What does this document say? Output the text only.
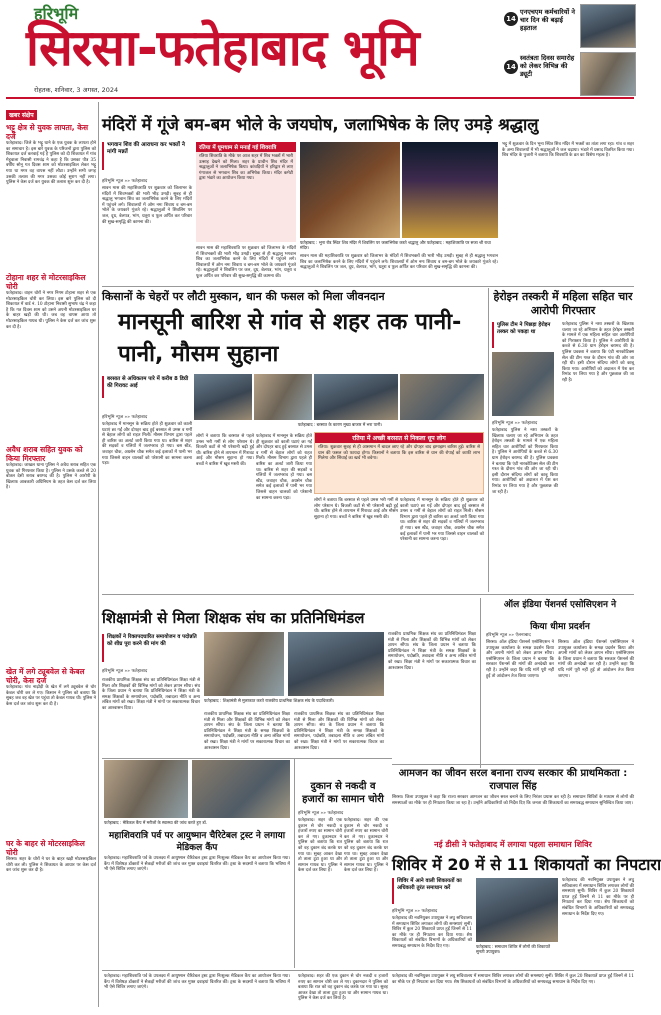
हरिभूमि
सिरसा-फतेहाबाद भूमि
रोहतक, शनिवार, 3 अगस्त, 2024
14
एनएचएम कर्मचारियों ने चार दिन की बढ़ाई हड़ताल
14
स्वतंत्रता दिवस समारोह को लेकर विभिन्न की ड्यूटी
खबर संक्षेप
भट्टू क्षेत्र से युवक लापता, केस दर्ज
फतेहाबाद। जिले के भट्टू थाने के एक युवक के लापता होने का समाचार है। इस बारे युवक के परिजनों द्वारा पुलिस को शिकायत दर्ज करवाई गई है पुलिस को दी शिकायत में गांव मेहूवाला निवासी रामचंद्र ने कहा है कि उसका पौत्र 35 वर्षीय सोनू गत दिवस शाम को मोटरसाइकिल लेकर भट्टू गया था मगर वह वापस नहीं लौटा। उन्होंने सभी जगह उसकी तलाश की मगर उसका कोई सुराग नहीं लगा। पुलिस ने केस दर्ज कर युवक की तलाश शुरू कर दी है।
टोहाना शहर से मोटरसाइकिल चोरी
फतेहाबाद। वाहन चोरों ने नगर निगम टोहाना शहर से एक मोटरसाइकिल चोरी कर लिया। इस बारे पुलिस को दी शिकायत में वार्ड नं. 10 टोहाना निवासी सुभाष चंद्र ने कहा है कि गत दिवस शाम को उसने अपनी मोटरसाइकिल घर के बाहर खड़ी की थी। जब वह वापस आया तो मोटरसाइकिल गायब थी। पुलिस ने केस दर्ज कर जांच शुरू कर दी है।
अवैध शराब सहित युवक को किया गिरफ्तार
फतेहाबाद। जाखल थाना पुलिस ने अवैध शराब सहित एक युवक को गिरफ्तार किया है। पुलिस ने उसके कब्जे से 20 बोतल देसी शराब बरामद की है। पुलिस ने आरोपी के खिलाफ आबकारी अधिनियम के तहत केस दर्ज कर लिया है।
खेत में लगे ट्यूबवेल से केबल चोरी, केस दर्ज
फतेहाबाद। गांव नाढ़ोड़ी के खेत में लगे ट्यूबवेल से चोर केबल चोरी कर ले गए। किसान ने पुलिस को बताया कि सुबह जब वह खेत पर पहुंचा तो केबल गायब थी। पुलिस ने केस दर्ज कर जांच शुरू कर दी है।
घर के बाहर से मोटरसाइकिल चोरी
सिरसा। शहर के चोरों ने घर के बाहर खड़ी मोटरसाइकिल चोरी कर ली। पुलिस ने शिकायत के आधार पर केस दर्ज कर जांच शुरू कर दी है।
मंदिरों में गूंजे बम-बम भोले के जयघोष, जलाभिषेक के लिए उमड़े श्रद्धालु
भगवान शिव की आराधना कर भक्तों ने मांगी मन्नतें
हरिभूमि न्यूज »» फतेहाबाद
सावन मास की महाशिवरात्रि पर शुक्रवार को जिलाभर के मंदिरों में शिवभक्तों की भारी भीड़ उमड़ी। सुबह से ही श्रद्धालु भगवान शिव का जलाभिषेक करने के लिए मंदिरों में पहुंचने लगे। शिवालयों में ओम नमः शिवाय व बम-बम भोले के जयकारे गूंजते रहे। श्रद्धालुओं ने शिवलिंग पर जल, दूध, बेलपत्र, भांग, धतूरा व फूल अर्पित कर परिवार की सुख-समृद्धि की कामना की।
रतिया में धूमधाम से मनाई गई शिवरात्रि
रतिया शिवरात्रि के मौके पर आज शहर में शिव भक्तों में भारी उत्साह देखने को मिला। शहर के प्राचीन शिव मंदिर में श्रद्धालुओं ने जलाभिषेक किया। कांवड़ियों ने हरिद्वार से लाए गंगाजल से भगवान शिव का अभिषेक किया। मंदिर कमेटी द्वारा भंडारे का आयोजन किया गया।
सावन मास की महाशिवरात्रि पर शुक्रवार को जिलाभर के मंदिरों में शिवभक्तों की भारी भीड़ उमड़ी। सुबह से ही श्रद्धालु भगवान शिव का जलाभिषेक करने के लिए मंदिरों में पहुंचने लगे। शिवालयों में ओम नमः शिवाय व बम-बम भोले के जयकारे गूंजते रहे। श्रद्धालुओं ने शिवलिंग पर जल, दूध, बेलपत्र, भांग, धतूरा व फूल अर्पित कर परिवार की सुख-समृद्धि की कामना की।
फतेहाबाद : भूना रोड स्थित शिव मंदिर में शिवलिंग पर जलाभिषेक करते श्रद्धालु और फतेहाबाद : महाशिवरात्रि पर सजा श्री राधा मंदिर।
सावन मास की महाशिवरात्रि पर शुक्रवार को जिलाभर के मंदिरों में शिवभक्तों की भारी भीड़ उमड़ी। सुबह से ही श्रद्धालु भगवान शिव का जलाभिषेक करने के लिए मंदिरों में पहुंचने लगे। शिवालयों में ओम नमः शिवाय व बम-बम भोले के जयकारे गूंजते रहे। श्रद्धालुओं ने शिवलिंग पर जल, दूध, बेलपत्र, भांग, धतूरा व फूल अर्पित कर परिवार की सुख-समृद्धि की कामना की।
भट्टू में शुक्रवार के दिन भूना स्थित शिव मंदिर में भक्तों का तांता लगा रहा। गांव व शहर के अन्य शिवालयों में भी श्रद्धालुओं ने जल चढ़ाया। भंडारे में प्रसाद वितरित किया गया। शिव मंदिर के पुजारी ने बताया कि शिवरात्रि के व्रत का विशेष महत्व है।
किसानों के चेहरों पर लौटी मुस्कान, धान की फसल को मिला जीवनदान
मानसूनी बारिश से गांव से शहर तक पानी-पानी, मौसम सुहाना
बरसात से अधिकतम पारे में करीब 8 डिग्री की गिरावट आई
हरिभूमि न्यूज »» फतेहाबाद
फतेहाबाद में मानसून के सक्रिय होते ही शुक्रवार को काली घटाएं छा गईं और दोपहर बाद हुई बरसात से उमस व गर्मी से बेहाल लोगों को राहत मिली। मौसम विभाग द्वारा पहले ही बारिश का अलर्ट जारी किया गया था। बारिश से शहर की सड़कों व गलियों में जलभराव हो गया। बस स्टैंड, जवाहर चौक, अग्रसेन चौक समेत कई इलाकों में पानी भर गया जिससे वाहन चालकों को परेशानी का सामना करना पड़ा।
फतेहाबाद : बरसात के कारण मुख्य बाजार में भरा पानी।
लोगों ने बताया कि बरसात से पहले उमस भरी गर्मी से लोग परेशान थे। बिजली कटों से भी परेशानी बढ़ी हुई थी। बारिश होने से तापमान में गिरावट आई और मौसम सुहाना हो गया। बच्चों ने बारिश में खूब मस्ती की।
फतेहाबाद में मानसून के सक्रिय होते ही शुक्रवार को काली घटाएं छा गईं और दोपहर बाद हुई बरसात से उमस व गर्मी से बेहाल लोगों को राहत मिली। मौसम विभाग द्वारा पहले ही बारिश का अलर्ट जारी किया गया था। बारिश से शहर की सड़कों व गलियों में जलभराव हो गया। बस स्टैंड, जवाहर चौक, अग्रसेन चौक समेत कई इलाकों में पानी भर गया जिससे वाहन चालकों को परेशानी का सामना करना पड़ा।
रतिया में अच्छी बरसात से निकला धूप लोग
रतिया। शुक्रवार सुबह से ही आसमान में बादल छाए रहे और दोपहर बाद झमाझम बारिश हुई। बारिश से धान की फसल को फायदा होगा। किसानों ने बताया कि इस बारिश से धान की रोपाई को काफी लाभ मिलेगा और सिंचाई का खर्च भी बचेगा।
लोगों ने बताया कि बरसात से पहले उमस भरी गर्मी से लोग परेशान थे। बिजली कटों से भी परेशानी बढ़ी हुई थी। बारिश होने से तापमान में गिरावट आई और मौसम सुहाना हो गया। बच्चों ने बारिश में खूब मस्ती की।
फतेहाबाद में मानसून के सक्रिय होते ही शुक्रवार को काली घटाएं छा गईं और दोपहर बाद हुई बरसात से उमस व गर्मी से बेहाल लोगों को राहत मिली। मौसम विभाग द्वारा पहले ही बारिश का अलर्ट जारी किया गया था। बारिश से शहर की सड़कों व गलियों में जलभराव हो गया। बस स्टैंड, जवाहर चौक, अग्रसेन चौक समेत कई इलाकों में पानी भर गया जिससे वाहन चालकों को परेशानी का सामना करना पड़ा।
हेरोइन तस्करी में महिला सहित चार आरोपी गिरफ्तार
पुलिस टीम ने पिछड़ा हेरोइन तस्कर को पकड़ा था
हरिभूमि न्यूज »» फतेहाबाद
फतेहाबाद पुलिस ने नशा तस्करों के खिलाफ चलाए जा रहे अभियान के तहत हेरोइन तस्करी के मामले में एक महिला सहित चार आरोपियों को गिरफ्तार किया है। पुलिस ने आरोपियों के कब्जे से 6.30 ग्राम हेरोइन बरामद की है। पुलिस प्रवक्ता ने बताया कि एंटी नारकोटिक्स सेल की टीम गश्त के दौरान गांव की ओर जा रही थी। इसी दौरान संदिग्ध लोगों को काबू किया गया। आरोपियों को अदालत में पेश कर रिमांड पर लिया गया है और पूछताछ की जा रही है।
फतेहाबाद पुलिस ने नशा तस्करों के खिलाफ चलाए जा रहे अभियान के तहत हेरोइन तस्करी के मामले में एक महिला सहित चार आरोपियों को गिरफ्तार किया है। पुलिस ने आरोपियों के कब्जे से 6.30 ग्राम हेरोइन बरामद की है। पुलिस प्रवक्ता ने बताया कि एंटी नारकोटिक्स सेल की टीम गश्त के दौरान गांव की ओर जा रही थी। इसी दौरान संदिग्ध लोगों को काबू किया गया। आरोपियों को अदालत में पेश कर रिमांड पर लिया गया है और पूछताछ की जा रही है।
शिक्षामंत्री से मिला शिक्षक संघ का प्रतिनिधिमंडल
शिक्षकों ने रिक्तपदधारित समायोजन व पदोन्नति को शीघ्र पूरा करने की मांग की
हरिभूमि न्यूज »» फतेहाबाद
राजकीय प्राथमिक शिक्षक संघ का प्रतिनिधिमंडल शिक्षा मंत्री से मिला और शिक्षकों की विभिन्न मांगों को लेकर ज्ञापन सौंपा। संघ के जिला प्रधान ने बताया कि प्रतिनिधिमंडल ने शिक्षा मंत्री के समक्ष शिक्षकों के समायोजन, पदोन्नति, तबादला नीति व अन्य लंबित मांगों को रखा। शिक्षा मंत्री ने मांगों पर सकारात्मक विचार का आश्वासन दिया।
फतेहाबाद : शिक्षामंत्री से मुलाकात करते राजकीय प्राथमिक शिक्षक संघ के पदाधिकारी।
राजकीय प्राथमिक शिक्षक संघ का प्रतिनिधिमंडल शिक्षा मंत्री से मिला और शिक्षकों की विभिन्न मांगों को लेकर ज्ञापन सौंपा। संघ के जिला प्रधान ने बताया कि प्रतिनिधिमंडल ने शिक्षा मंत्री के समक्ष शिक्षकों के समायोजन, पदोन्नति, तबादला नीति व अन्य लंबित मांगों को रखा। शिक्षा मंत्री ने मांगों पर सकारात्मक विचार का आश्वासन दिया।
राजकीय प्राथमिक शिक्षक संघ का प्रतिनिधिमंडल शिक्षा मंत्री से मिला और शिक्षकों की विभिन्न मांगों को लेकर ज्ञापन सौंपा। संघ के जिला प्रधान ने बताया कि प्रतिनिधिमंडल ने शिक्षा मंत्री के समक्ष शिक्षकों के समायोजन, पदोन्नति, तबादला नीति व अन्य लंबित मांगों को रखा। शिक्षा मंत्री ने मांगों पर सकारात्मक विचार का आश्वासन दिया।
राजकीय प्राथमिक शिक्षक संघ का प्रतिनिधिमंडल शिक्षा मंत्री से मिला और शिक्षकों की विभिन्न मांगों को लेकर ज्ञापन सौंपा। संघ के जिला प्रधान ने बताया कि प्रतिनिधिमंडल ने शिक्षा मंत्री के समक्ष शिक्षकों के समायोजन, पदोन्नति, तबादला नीति व अन्य लंबित मांगों को रखा। शिक्षा मंत्री ने मांगों पर सकारात्मक विचार का आश्वासन दिया।
ऑल इंडिया पेंशनर्स एसोसिएशन ने
किया धीमा प्रदर्शन
हरिभूमि न्यूज »» ऐलनाबाद
सिरसा। ऑल इंडिया पेंशनर्स एसोसिएशन ने उपायुक्त कार्यालय के समक्ष प्रदर्शन किया और अपनी मांगों को लेकर ज्ञापन सौंपा। एसोसिएशन के जिला प्रधान ने बताया कि सरकार पेंशनर्स की मांगों की अनदेखी कर रही है। उन्होंने कहा कि यदि मांगें पूरी नहीं हुईं तो आंदोलन तेज किया जाएगा।
सिरसा। ऑल इंडिया पेंशनर्स एसोसिएशन ने उपायुक्त कार्यालय के समक्ष प्रदर्शन किया और अपनी मांगों को लेकर ज्ञापन सौंपा। एसोसिएशन के जिला प्रधान ने बताया कि सरकार पेंशनर्स की मांगों की अनदेखी कर रही है। उन्होंने कहा कि यदि मांगें पूरी नहीं हुईं तो आंदोलन तेज किया जाएगा।
आमजन का जीवन सरल बनाना राज्य सरकार की प्राथमिकता : राजपाल सिंह
सिरसा। जिला उपायुक्त ने कहा कि राज्य सरकार आमजन का जीवन सरल बनाने के लिए निरंतर प्रयास कर रही है। समाधान शिविरों के माध्यम से लोगों की समस्याओं का मौके पर ही निपटारा किया जा रहा है। उन्होंने अधिकारियों को निर्देश दिए कि जनता की शिकायतों का समयबद्ध समाधान सुनिश्चित किया जाए।
दुकान से नकदी व हजारों का सामान चोरी
हरिभूमि न्यूज »» फतेहाबाद
फतेहाबाद। शहर की एक दुकान से चोर नकदी व हजारों रुपए का सामान चोरी कर ले गए। दुकानदार ने पुलिस को बताया कि रात को वह दुकान बंद करके घर गया था। सुबह आकर देखा तो ताला टूटा हुआ था और सामान गायब था। पुलिस ने केस दर्ज कर लिया है।
फतेहाबाद। शहर की एक दुकान से चोर नकदी व हजारों रुपए का सामान चोरी कर ले गए। दुकानदार ने पुलिस को बताया कि रात को वह दुकान बंद करके घर गया था। सुबह आकर देखा तो ताला टूटा हुआ था और सामान गायब था। पुलिस ने केस दर्ज कर लिया है।
फतेहाबाद : मेडिकल कैंप में मरीजों के स्वास्थ्य की जांच करते हुए डॉ.
महाशिवरात्रि पर्व पर आयुष्मान चैरिटेबल ट्रस्ट ने लगाया मेडिकल कैंप
फतेहाबाद। महाशिवरात्रि पर्व के उपलक्ष्य में आयुष्मान चैरिटेबल ट्रस्ट द्वारा निःशुल्क मेडिकल कैंप का आयोजन किया गया। कैंप में विशेषज्ञ डॉक्टरों ने सैकड़ों मरीजों की जांच कर मुफ्त दवाइयां वितरित कीं। ट्रस्ट के सदस्यों ने बताया कि भविष्य में भी ऐसे शिविर लगाए जाएंगे।
नई डीसी ने फतेहाबाद में लगाया पहला समाधान शिविर
शिविर में 20 में से 11 शिकायतों का निपटारा
शिविर में आने वाली शिकायतों का अधिकारी तुरंत समाधान करें
हरिभूमि न्यूज »» फतेहाबाद
फतेहाबाद की नवनियुक्त उपायुक्त ने लघु सचिवालय में समाधान शिविर लगाकर लोगों की समस्याएं सुनीं। शिविर में कुल 20 शिकायतें प्राप्त हुईं जिनमें से 11 का मौके पर ही निपटारा कर दिया गया। शेष शिकायतों को संबंधित विभागों के अधिकारियों को समयबद्ध समाधान के निर्देश दिए गए।	फतेहाबाद : समाधान शिविर में लोगों की शिकायतें सुनती उपायुक्त।
फतेहाबाद की नवनियुक्त उपायुक्त ने लघु सचिवालय में समाधान शिविर लगाकर लोगों की समस्याएं सुनीं। शिविर में कुल 20 शिकायतें प्राप्त हुईं जिनमें से 11 का मौके पर ही निपटारा कर दिया गया। शेष शिकायतों को संबंधित विभागों के अधिकारियों को समयबद्ध समाधान के निर्देश दिए गए।
फतेहाबाद। महाशिवरात्रि पर्व के उपलक्ष्य में आयुष्मान चैरिटेबल ट्रस्ट द्वारा निःशुल्क मेडिकल कैंप का आयोजन किया गया। कैंप में विशेषज्ञ डॉक्टरों ने सैकड़ों मरीजों की जांच कर मुफ्त दवाइयां वितरित कीं। ट्रस्ट के सदस्यों ने बताया कि भविष्य में भी ऐसे शिविर लगाए जाएंगे।
फतेहाबाद। शहर की एक दुकान से चोर नकदी व हजारों रुपए का सामान चोरी कर ले गए। दुकानदार ने पुलिस को बताया कि रात को वह दुकान बंद करके घर गया था। सुबह आकर देखा तो ताला टूटा हुआ था और सामान गायब था। पुलिस ने केस दर्ज कर लिया है।
फतेहाबाद की नवनियुक्त उपायुक्त ने लघु सचिवालय में समाधान शिविर लगाकर लोगों की समस्याएं सुनीं। शिविर में कुल 20 शिकायतें प्राप्त हुईं जिनमें से 11 का मौके पर ही निपटारा कर दिया गया। शेष शिकायतों को संबंधित विभागों के अधिकारियों को समयबद्ध समाधान के निर्देश दिए गए।
